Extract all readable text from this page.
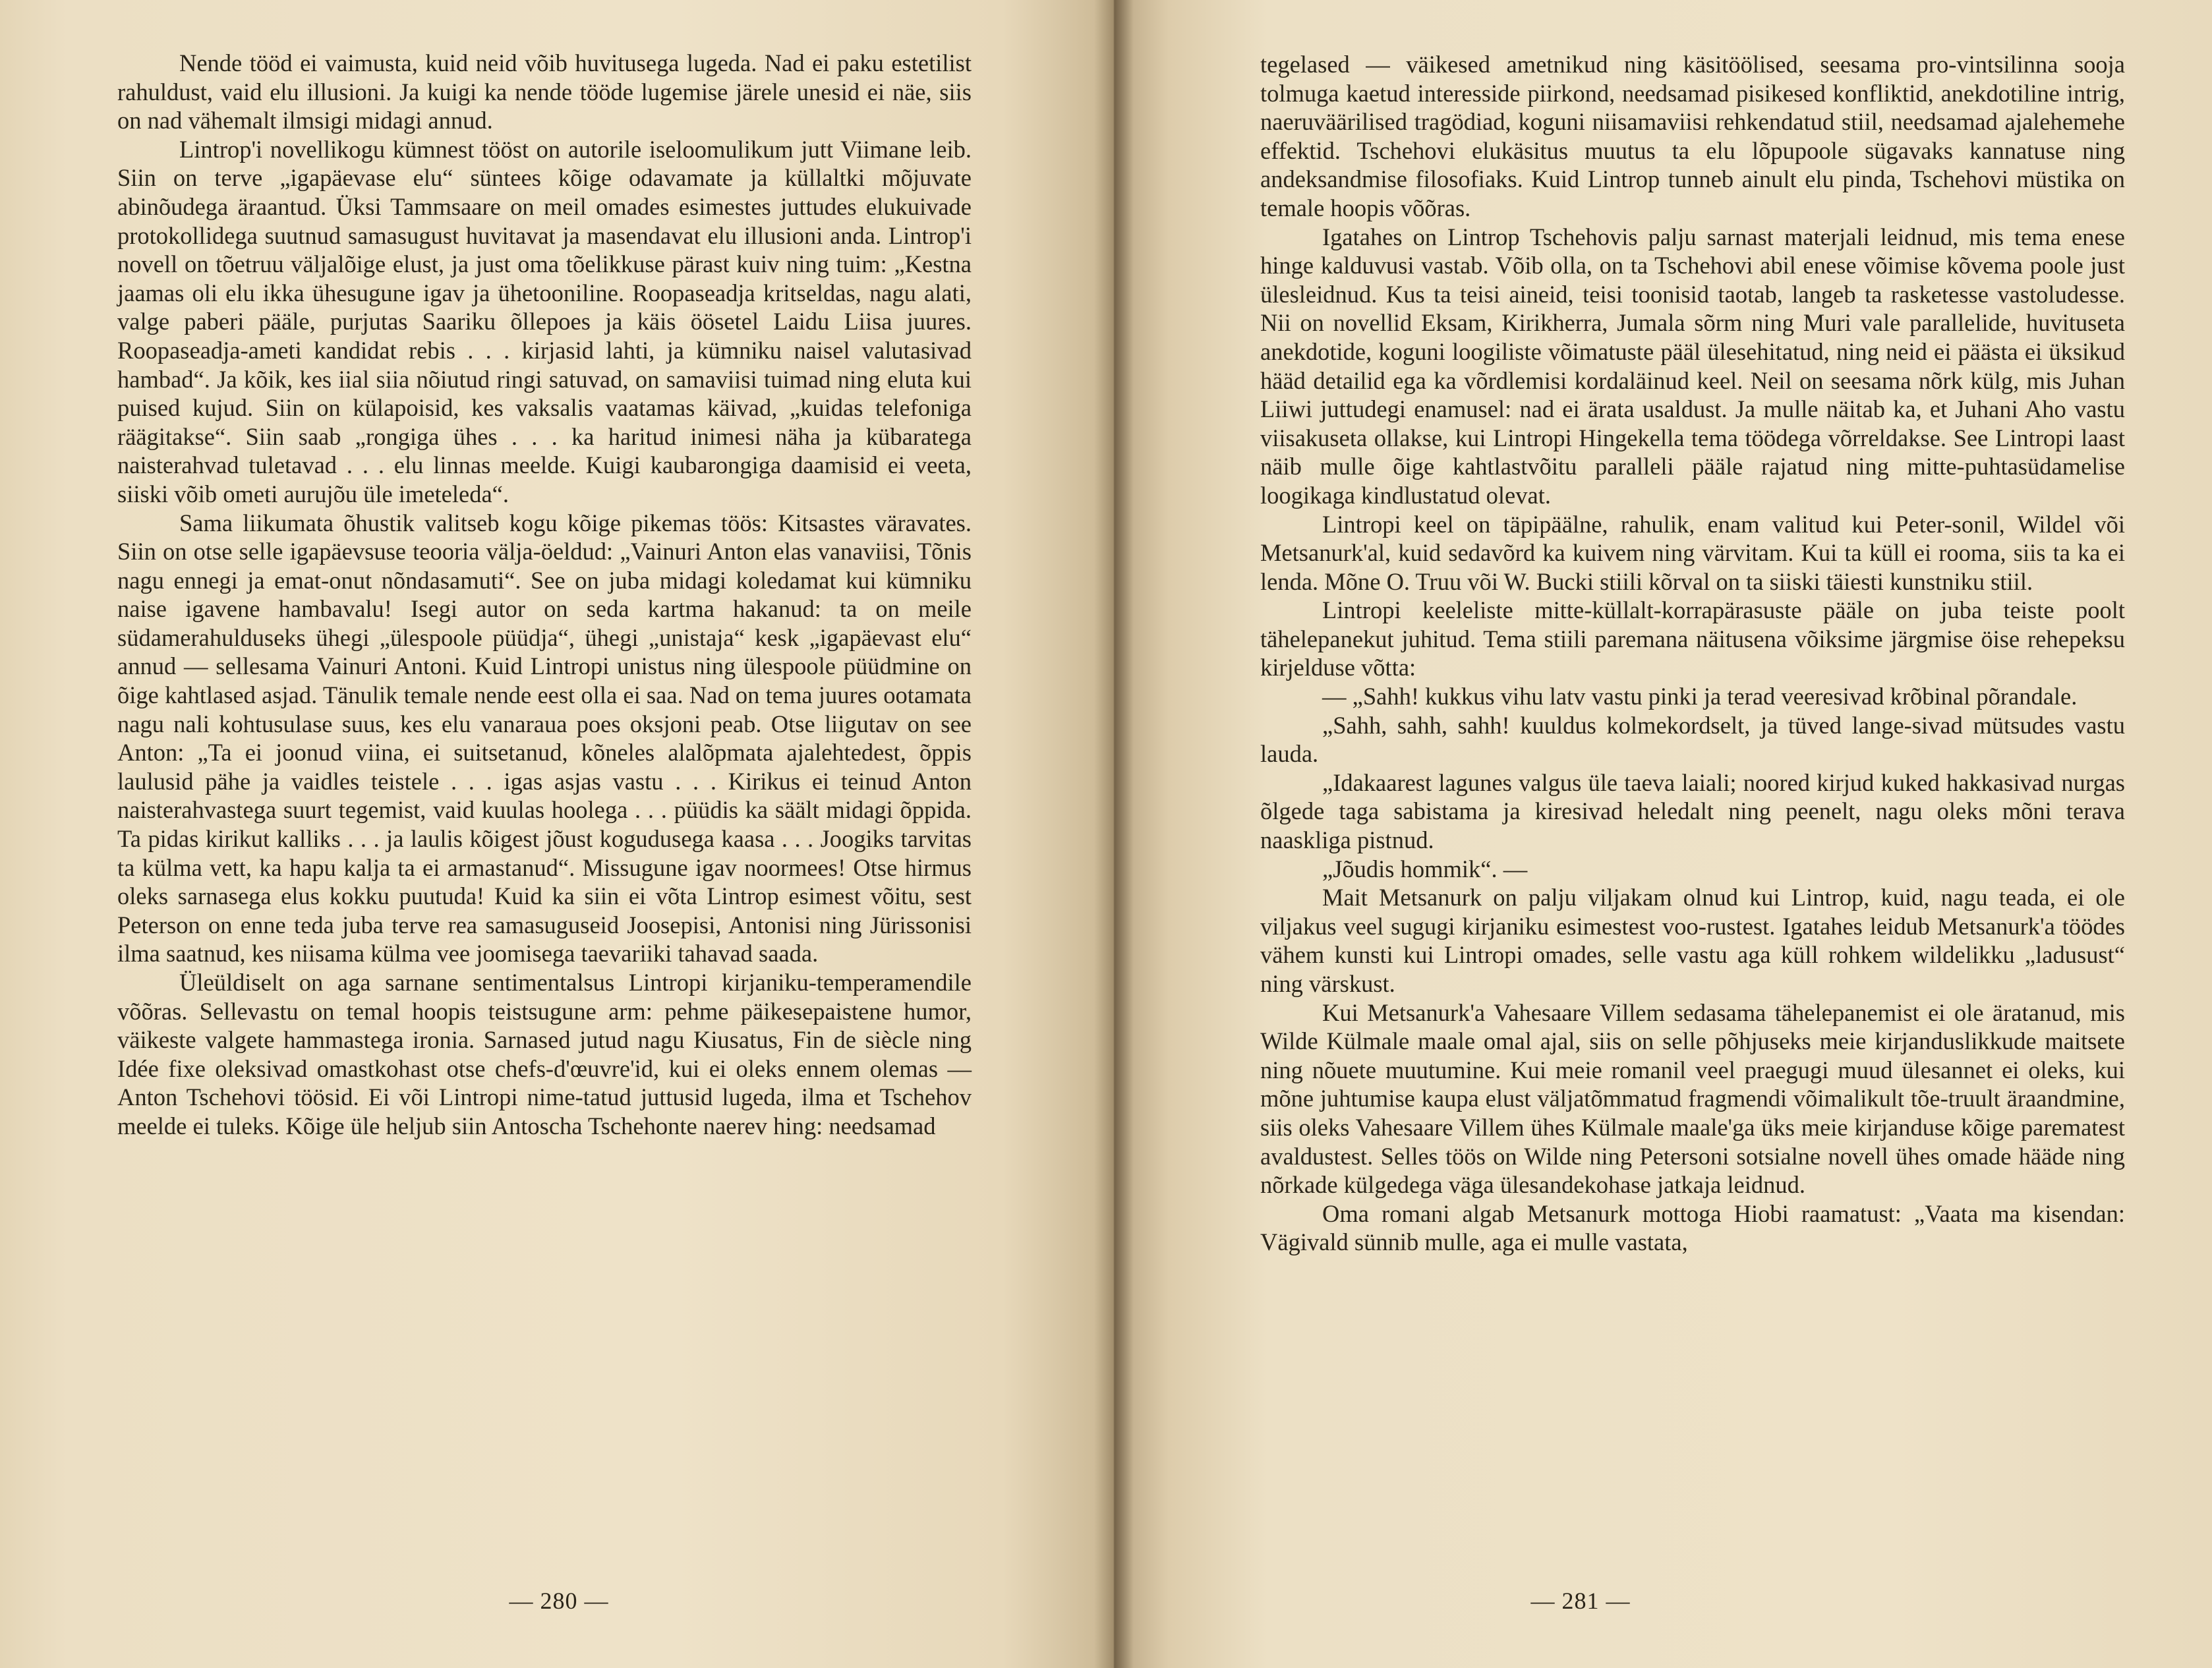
Nende tööd ei vaimusta, kuid neid võib huvitusega lugeda. Nad ei paku estetilist rahuldust, vaid elu illusioni. Ja kuigi ka nende tööde lugemise järele unesid ei näe, siis on nad vähemalt ilmsigi midagi annud.

Lintrop'i novellikogu kümnest tööst on autorile iseloomulikum jutt Viimane leib. Siin on terve „igapäevase elu“ süntees kõige odavamate ja küllaltki mõjuvate abinõudega äraantud. Üksi Tammsaare on meil omades esimestes juttudes elukuivade protokollidega suutnud samasugust huvitavat ja masendavat elu illusioni anda. Lintrop'i novell on tõetruu väljalõige elust, ja just oma tõelikkuse pärast kuiv ning tuim: „Kestna jaamas oli elu ikka ühesugune igav ja ühetooniline. Roopaseadja kritseldas, nagu alati, valge paberi pääle, purjutas Saariku õllepoes ja käis öösetel Laidu Liisa juures. Roopaseadja-ameti kandidat rebis . . . kirjasid lahti, ja kümniku naisel valutasivad hambad“. Ja kõik, kes iial siia nõiutud ringi satuvad, on samaviisi tuimad ning eluta kui puised kujud. Siin on külapoisid, kes vaksalis vaatamas käivad, „kuidas telefoniga räägitakse“. Siin saab „rongiga ühes . . . ka haritud inimesi näha ja kübaratega naisterahvad tuletavad . . . elu linnas meelde. Kuigi kaubarongiga daamisid ei veeta, siiski võib ometi aurujõu üle imeteleda“.

Sama liikumata õhustik valitseb kogu kõige pikemas töös: Kitsastes väravates. Siin on otse selle igapäevsuse teooria välja-öeldud: „Vainuri Anton elas vanaviisi, Tõnis nagu ennegi ja emat-onut nõndasamuti“. See on juba midagi koledamat kui kümniku naise igavene hambavalu! Isegi autor on seda kartma hakanud: ta on meile südamerahulduseks ühegi „ülespoole püüdja“, ühegi „unistaja“ kesk „igapäevast elu“ annud — sellesama Vainuri Antoni. Kuid Lintropi unistus ning ülespoole püüdmine on õige kahtlased asjad. Tänulik temale nende eest olla ei saa. Nad on tema juures ootamata nagu nali kohtusulase suus, kes elu vanaraua poes oksjoni peab. Otse liigutav on see Anton: „Ta ei joonud viina, ei suitsetanud, kõneles alalõpmata ajalehtedest, õppis laulusid pähe ja vaidles teistele . . . igas asjas vastu . . . Kirikus ei teinud Anton naisterahvastega suurt tegemist, vaid kuulas hoolega . . . püüdis ka säält midagi õppida. Ta pidas kirikut kalliks . . . ja laulis kõigest jõust kogudusega kaasa . . . Joogiks tarvitas ta külma vett, ka hapu kalja ta ei armastanud“. Missugune igav noormees! Otse hirmus oleks sarnasega elus kokku puutuda! Kuid ka siin ei võta Lintrop esimest võitu, sest Peterson on enne teda juba terve rea samasuguseid Joosepisi, Antonisi ning Jürissonisi ilma saatnud, kes niisama külma vee joomisega taevariiki tahavad saada.

Üleüldiselt on aga sarnane sentimentalsus Lintropi kirjaniku-temperamendile võõras. Sellevastu on temal hoopis teistsugune arm: pehme päikesepaistene humor, väikeste valgete hammastega ironia. Sarnased jutud nagu Kiusatus, Fin de siècle ning Idée fixe oleksivad omastkohast otse chefs-d'œuvre'id, kui ei oleks ennem olemas — Anton Tschehovi töösid. Ei või Lintropi nime-tatud juttusid lugeda, ilma et Tschehov meelde ei tuleks. Kõige üle heljub siin Antoscha Tschehonte naerev hing: needsamad

— 280 —

tegelased — väikesed ametnikud ning käsitöölised, seesama pro-vintsilinna sooja tolmuga kaetud interesside piirkond, needsamad pisikesed konfliktid, anekdotiline intrig, naeruväärilised tragödiad, koguni niisamaviisi rehkendatud stiil, needsamad ajalehemehe effektid. Tschehovi elukäsitus muutus ta elu lõpupoole sügavaks kannatuse ning andeksandmise filosofiaks. Kuid Lintrop tunneb ainult elu pinda, Tschehovi müstika on temale hoopis võõras.

Igatahes on Lintrop Tschehovis palju sarnast materjali leidnud, mis tema enese hinge kalduvusi vastab. Võib olla, on ta Tschehovi abil enese võimise kõvema poole just ülesleidnud. Kus ta teisi aineid, teisi toonisid taotab, langeb ta rasketesse vastoludesse. Nii on novellid Eksam, Kirikherra, Jumala sõrm ning Muri vale parallelide, huvituseta anekdotide, koguni loogiliste võimatuste pääl ülesehitatud, ning neid ei päästa ei üksikud hääd detailid ega ka võrdlemisi kordaläinud keel. Neil on seesama nõrk külg, mis Juhan Liiwi juttudegi enamusel: nad ei ärata usaldust. Ja mulle näitab ka, et Juhani Aho vastu viisakuseta ollakse, kui Lintropi Hingekella tema töödega võrreldakse. See Lintropi laast näib mulle õige kahtlastvõitu paralleli pääle rajatud ning mitte-puhtasüdamelise loogikaga kindlustatud olevat.

Lintropi keel on täpipäälne, rahulik, enam valitud kui Peter-sonil, Wildel või Metsanurk'al, kuid sedavõrd ka kuivem ning värvitam. Kui ta küll ei rooma, siis ta ka ei lenda. Mõne O. Truu või W. Bucki stiili kõrval on ta siiski täiesti kunstniku stiil.

Lintropi keeleliste mitte-küllalt-korrapärasuste pääle on juba teiste poolt tähelepanekut juhitud. Tema stiili paremana näitusena võiksime järgmise öise rehepeksu kirjelduse võtta:

— „Sahh! kukkus vihu latv vastu pinki ja terad veeresivad krõbinal põrandale.

„Sahh, sahh, sahh! kuuldus kolmekordselt, ja tüved lange-sivad mütsudes vastu lauda.

„Idakaarest lagunes valgus üle taeva laiali; noored kirjud kuked hakkasivad nurgas õlgede taga sabistama ja kiresivad heledalt ning peenelt, nagu oleks mõni terava naaskliga pistnud.

„Jõudis hommik“. —

Mait Metsanurk on palju viljakam olnud kui Lintrop, kuid, nagu teada, ei ole viljakus veel sugugi kirjaniku esimestest voo-rustest. Igatahes leidub Metsanurk'a töödes vähem kunsti kui Lintropi omades, selle vastu aga küll rohkem wildelikku „ladusust“ ning värskust.

Kui Metsanurk'a Vahesaare Villem sedasama tähelepanemist ei ole äratanud, mis Wilde Külmale maale omal ajal, siis on selle põhjuseks meie kirjanduslikkude maitsete ning nõuete muutumine. Kui meie romanil veel praegugi muud ülesannet ei oleks, kui mõne juhtumise kaupa elust väljatõmmatud fragmendi võimalikult tõe-truult äraandmine, siis oleks Vahesaare Villem ühes Külmale maale'ga üks meie kirjanduse kõige parematest avaldustest. Selles töös on Wilde ning Petersoni sotsialne novell ühes omade hääde ning nõrkade külgedega väga ülesandekohase jatkaja leidnud.

Oma romani algab Metsanurk mottoga Hiobi raamatust: „Vaata ma kisendan: Vägivald sünnib mulle, aga ei mulle vastata,

— 281 —
